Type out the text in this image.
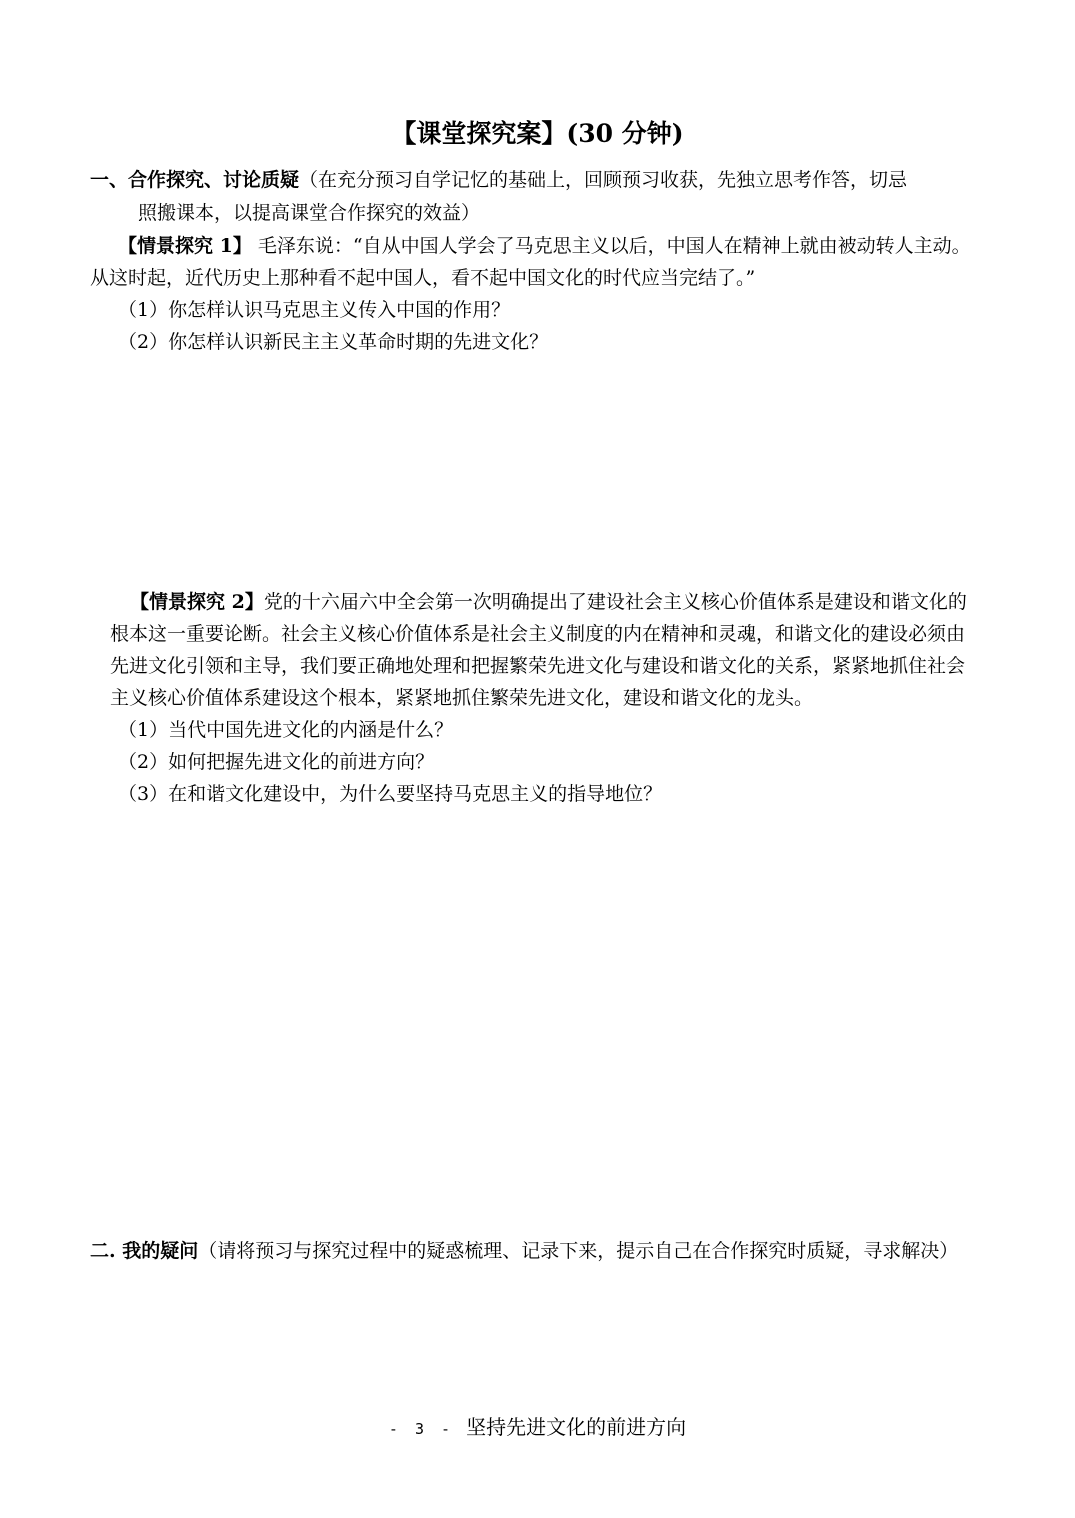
【课堂探究案】(30 分钟)
一、合作探究、讨论质疑（在充分预习自学记忆的基础上，回顾预习收获，先独立思考作答，切忌
照搬课本，以提高课堂合作探究的效益）
【情景探究 1】 毛泽东说：“自从中国人学会了马克思主义以后，中国人在精神上就由被动转人主动。
从这时起，近代历史上那种看不起中国人，看不起中国文化的时代应当完结了。”
（1）你怎样认识马克思主义传入中国的作用？
（2）你怎样认识新民主主义革命时期的先进文化？
【情景探究 2】党的十六届六中全会第一次明确提出了建设社会主义核心价值体系是建设和谐文化的
根本这一重要论断。社会主义核心价值体系是社会主义制度的内在精神和灵魂，和谐文化的建设必须由
先进文化引领和主导，我们要正确地处理和把握繁荣先进文化与建设和谐文化的关系，紧紧地抓住社会
主义核心价值体系建设这个根本，紧紧地抓住繁荣先进文化，建设和谐文化的龙头。
（1）当代中国先进文化的内涵是什么？
（2）如何把握先进文化的前进方向？
（3）在和谐文化建设中，为什么要坚持马克思主义的指导地位？
二. 我的疑问（请将预习与探究过程中的疑惑梳理、记录下来，提示自己在合作探究时质疑，寻求解决）
- 3 - 坚持先进文化的前进方向
